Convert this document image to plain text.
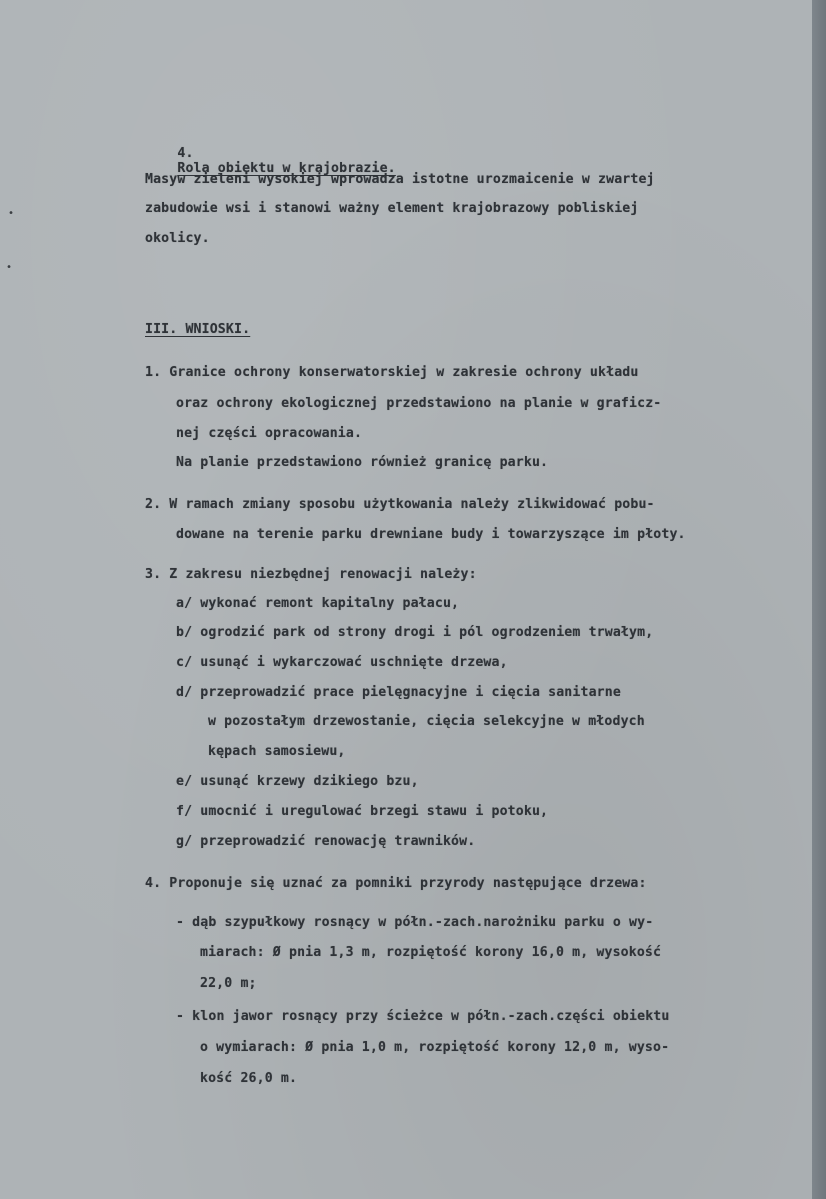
4.
Rola obiektu w krajobrazie.

Masyw zieleni wysokiej wprowadza istotne urozmaicenie w zwartej
zabudowie wsi i stanowi ważny element krajobrazowy pobliskiej
okolicy.
III. WNIOSKI.
1. Granice ochrony konserwatorskiej w zakresie ochrony układu
oraz ochrony ekologicznej przedstawiono na planie w graficz-
nej części opracowania.
Na planie przedstawiono również granicę parku.
2. W ramach zmiany sposobu użytkowania należy zlikwidować pobu-
dowane na terenie parku drewniane budy i towarzyszące im płoty.
3. Z zakresu niezbędnej renowacji należy:
a/ wykonać remont kapitalny pałacu,
b/ ogrodzić park od strony drogi i pól ogrodzeniem trwałym,
c/ usunąć i wykarczować uschnięte drzewa,
d/ przeprowadzić prace pielęgnacyjne i cięcia sanitarne
w pozostałym drzewostanie, cięcia selekcyjne w młodych
kępach samosiewu,
e/ usunąć krzewy dzikiego bzu,
f/ umocnić i uregulować brzegi stawu i potoku,
g/ przeprowadzić renowację trawników.
4. Proponuje się uznać za pomniki przyrody następujące drzewa:
- dąb szypułkowy rosnący w półn.-zach.narożniku parku o wy-
miarach: Ø pnia 1,3 m, rozpiętość korony 16,0 m, wysokość
22,0 m;
- klon jawor rosnący przy ścieżce w półn.-zach.części obiektu
o wymiarach: Ø pnia 1,0 m, rozpiętość korony 12,0 m, wyso-
kość 26,0 m.
•
•
